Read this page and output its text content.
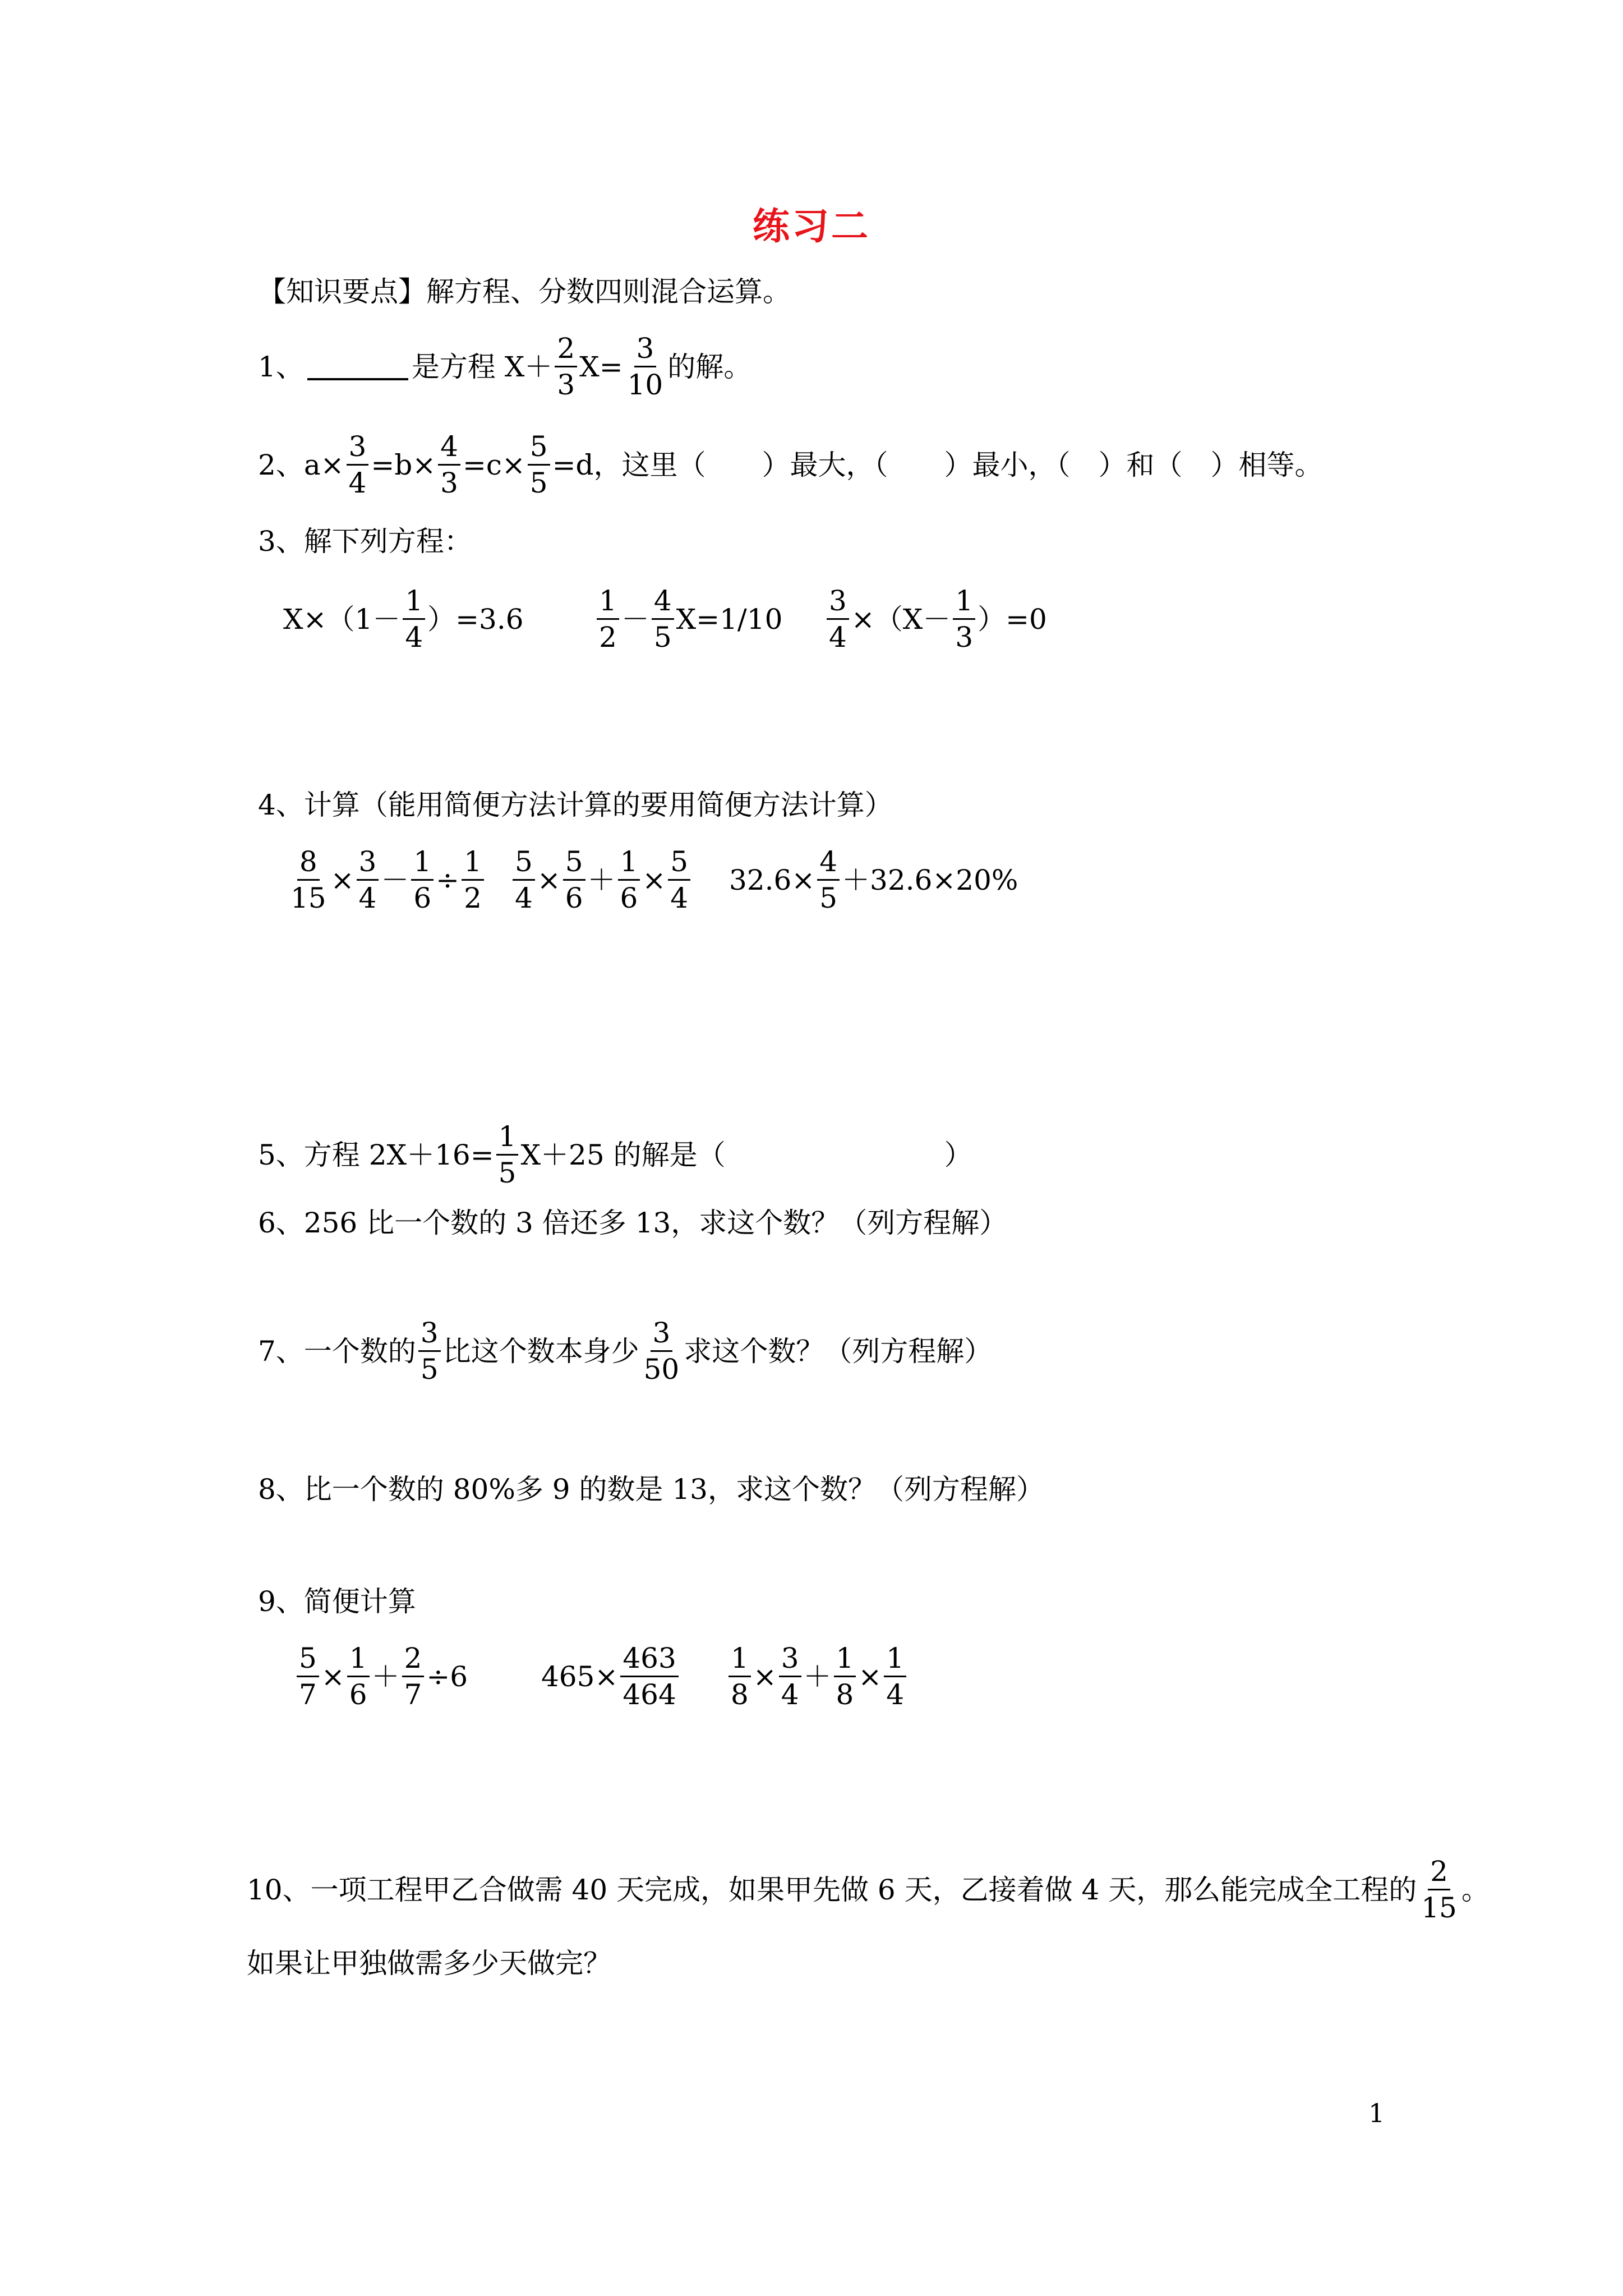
练习二
【知识要点】解方程、分数四则混合运算。
1、	是方程 $X+ \frac{2}{3} X= \frac{3}{10}$ 的解。
2、 $a\times \frac{3}{4} =b\times \frac{4}{3} =c\times \frac{5}{5} =d$，这里（　　）最大，（　　）最小，（　）和（　）相等。
3、解下列方程：
$X\times(1- \frac{1}{4} )=3.6$	$\frac{1}{2} - \frac{4}{5} X=1/10 \frac{3}{4} \times(X- \frac{1}{3} )=0$
4、计算（能用简便方法计算的要用简便方法计算）
$\frac{8}{15} \times \frac{3}{4} - \frac{1}{6} \div \frac{1}{2} \frac{5}{4} \times \frac{5}{6} + \frac{1}{6} \times \frac{5}{4} 32.6\times \frac{4}{5} +32.6\times 20\%$
5、方程 $2X+16= \frac{1}{5} X+25$ 的解是（	）
6、256 比一个数的 3 倍还多 13，求这个数？（列方程解）
7、一个数的 $\frac{3}{5}$ 比这个数本身少 $\frac{3}{50}$ 求这个数？（列方程解）
8、比一个数的 80%多 9 的数是 13，求这个数？（列方程解）
9、简便计算
$\frac{5}{7} \times \frac{1}{6} + \frac{2}{7} \div 6$	$465\times \frac{463}{464} \frac{1}{8} \times \frac{3}{4} + \frac{1}{8} \times \frac{1}{4}$
10、一项工程甲乙合做需 40 天完成，如果甲先做 6 天，乙接着做 4 天，那么能完成全工程的 $\frac{2}{15}$ 。
如果让甲独做需多少天做完？
1
